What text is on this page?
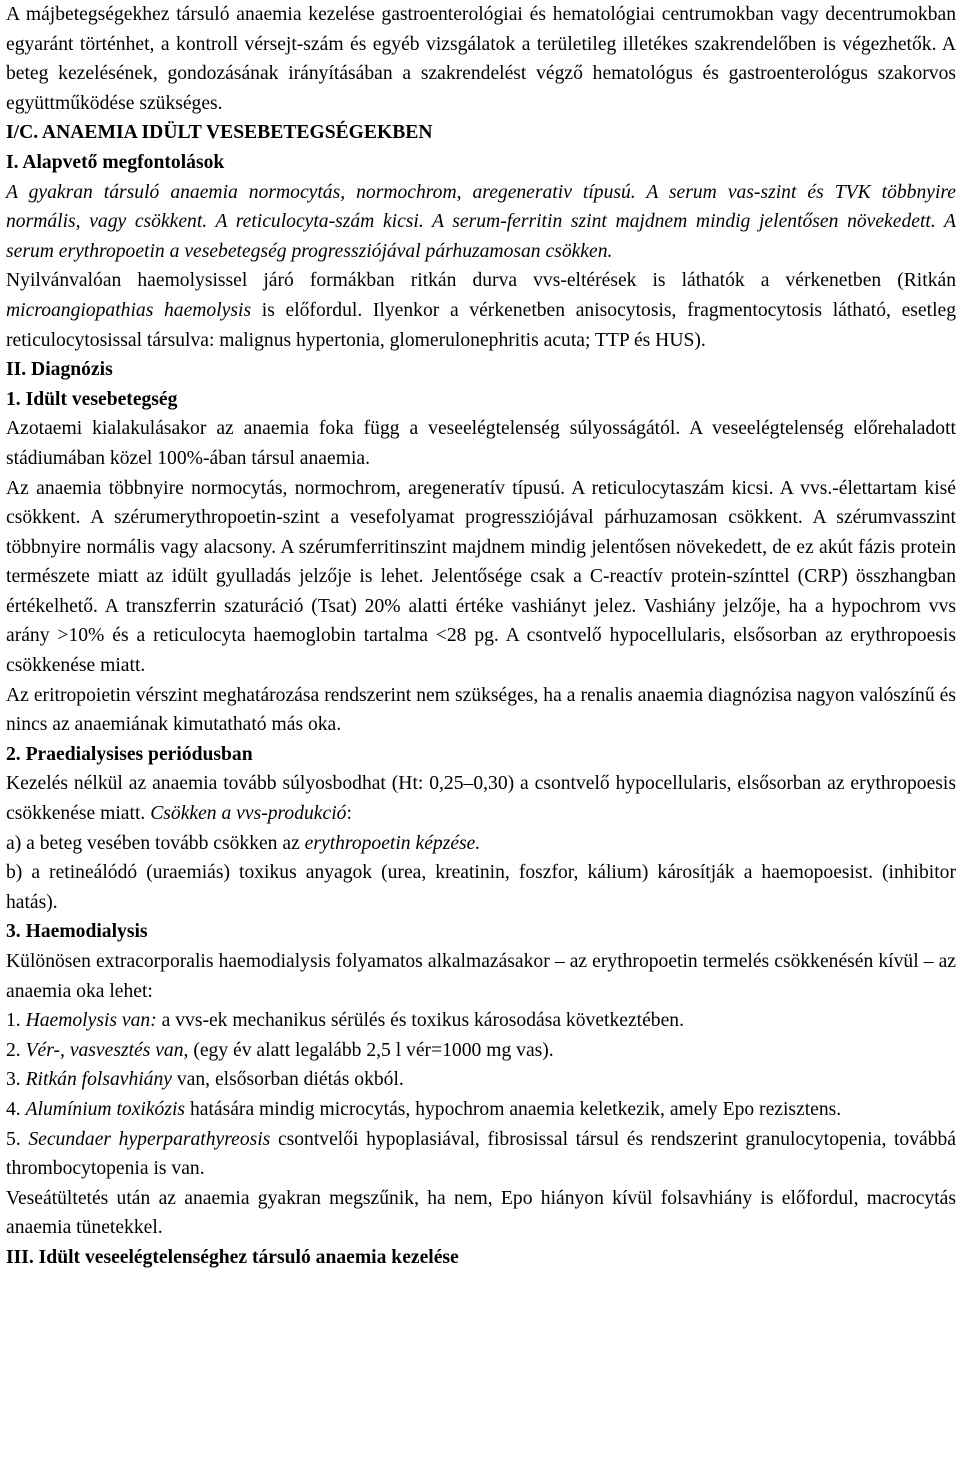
A májbetegségekhez társuló anaemia kezelése gastroenterológiai és hematológiai centrumokban vagy decentrumokban egyaránt történhet, a kontroll vérsejt-szám és egyéb vizsgálatok a területileg illetékes szakrendelőben is végezhetők. A beteg kezelésének, gondozásának irányításában a szakrendelést végző hematológus és gastroenterológus szakorvos együttműködése szükséges.

I/C. ANAEMIA IDÜLT VESEBETEGSÉGEKBEN

I. Alapvető megfontolások

A gyakran társuló anaemia normocytás, normochrom, aregenerativ típusú. A serum vas-szint és TVK többnyire normális, vagy csökkent. A reticulocyta-szám kicsi. A serum-ferritin szint majdnem mindig jelentősen növekedett. A serum erythropoetin a vesebetegség progressziójával párhuzamosan csökken.

Nyilvánvalóan haemolysissel járó formákban ritkán durva vvs-eltérések is láthatók a vérkenetben (Ritkán microangiopathias haemolysis is előfordul. Ilyenkor a vérkenetben anisocytosis, fragmentocytosis látható, esetleg reticulocytosissal társulva: malignus hypertonia, glomerulonephritis acuta; TTP és HUS).

II. Diagnózis

1. Idült vesebetegség

Azotaemi kialakulásakor az anaemia foka függ a veseelégtelenség súlyosságától. A veseelégtelenség előrehaladott stádiumában közel 100%-ában társul anaemia.

Az anaemia többnyire normocytás, normochrom, aregeneratív típusú. A reticulocytaszám kicsi. A vvs.-élettartam kisé csökkent. A szérumerythropoetin-szint a vesefolyamat progressziójával párhuzamosan csökkent. A szérumvasszint többnyire normális vagy alacsony. A szérumferritinszint majdnem mindig jelentősen növekedett, de ez akút fázis protein természete miatt az idült gyulladás jelzője is lehet. Jelentősége csak a C-reactív protein-színttel (CRP) összhangban értékelhető. A transzferrin szaturáció (Tsat) 20% alatti értéke vashiányt jelez. Vashiány jelzője, ha a hypochrom vvs arány >10% és a reticulocyta haemoglobin tartalma <28 pg. A csontvelő hypocellularis, elsősorban az erythropoesis csökkenése miatt.

Az eritropoietin vérszint meghatározása rendszerint nem szükséges, ha a renalis anaemia diagnózisa nagyon valószínű és nincs az anaemiának kimutatható más oka.

2. Praedialysises periódusban

Kezelés nélkül az anaemia tovább súlyosbodhat (Ht: 0,25–0,30) a csontvelő hypocellularis, elsősorban az erythropoesis csökkenése miatt. Csökken a vvs-produkció:

a) a beteg vesében tovább csökken az erythropoetin képzése.

b) a retineálódó (uraemiás) toxikus anyagok (urea, kreatinin, foszfor, kálium) károsítják a haemopoesist. (inhibitor hatás).

3. Haemodialysis

Különösen extracorporalis haemodialysis folyamatos alkalmazásakor – az erythropoetin termelés csökkenésén kívül – az anaemia oka lehet:

1. Haemolysis van: a vvs-ek mechanikus sérülés és toxikus károsodása következtében.

2. Vér-, vasvesztés van, (egy év alatt legalább 2,5 l vér=1000 mg vas).

3. Ritkán folsavhiány van, elsősorban diétás okból.

4. Alumínium toxikózis hatására mindig microcytás, hypochrom anaemia keletkezik, amely Epo rezisztens.

5. Secundaer hyperparathyreosis csontvelői hypoplasiával, fibrosissal társul és rendszerint granulocytopenia, továbbá thrombocytopenia is van.

Veseátültetés után az anaemia gyakran megszűnik, ha nem, Epo hiányon kívül folsavhiány is előfordul, macrocytás anaemia tünetekkel.

III. Idült veseelégtelenséghez társuló anaemia kezelése
